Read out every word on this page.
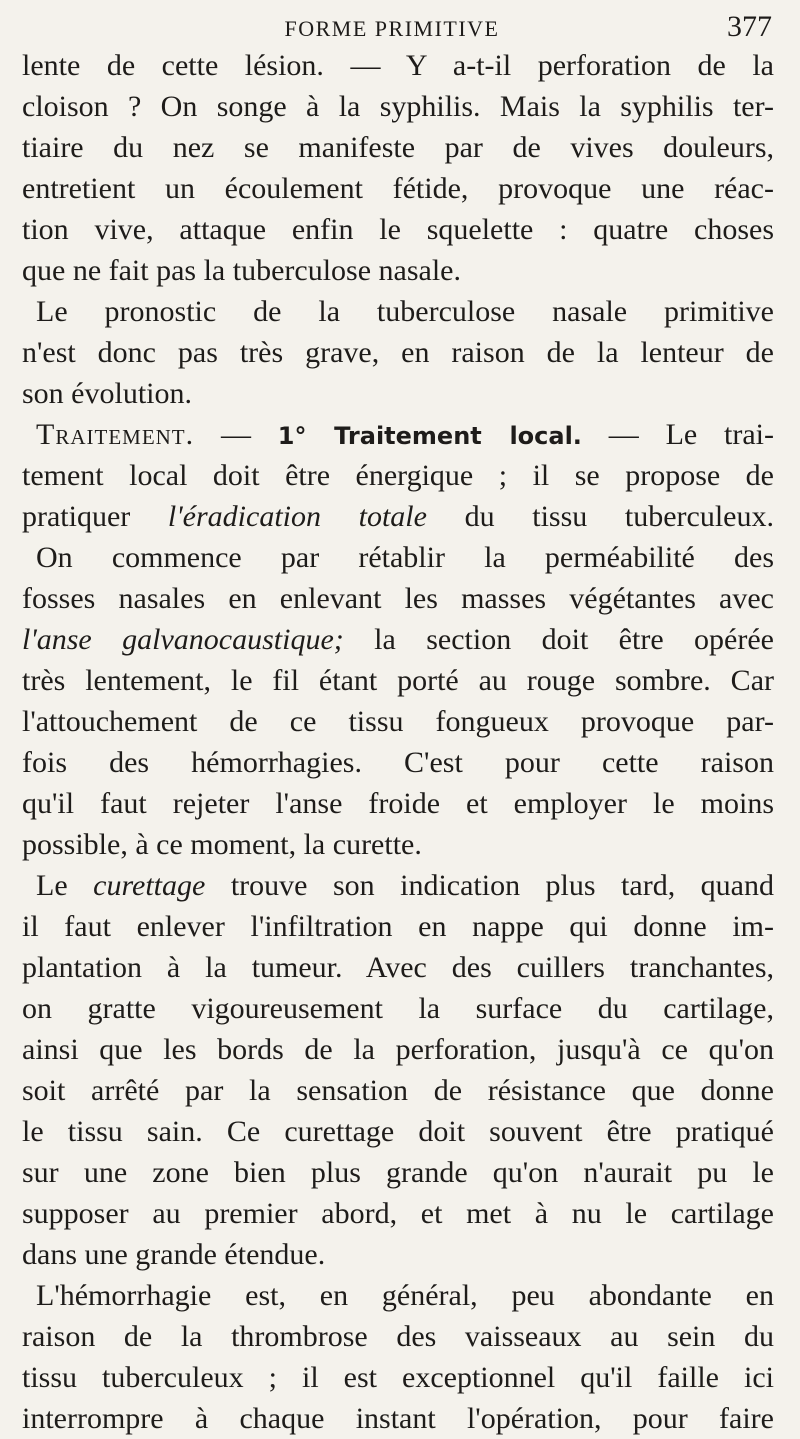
FORME PRIMITIVE	377
lente de cette lésion. — Y a-t-il perforation de la
cloison ? On songe à la syphilis. Mais la syphilis ter-
tiaire du nez se manifeste par de vives douleurs,
entretient un écoulement fétide, provoque une réac-
tion vive, attaque enfin le squelette : quatre choses
que ne fait pas la tuberculose nasale.
Le pronostic de la tuberculose nasale primitive
n'est donc pas très grave, en raison de la lenteur de
son évolution.
Traitement. — 1° Traitement local. — Le trai-
tement local doit être énergique ; il se propose de
pratiquer l'éradication totale du tissu tuberculeux.
On commence par rétablir la perméabilité des
fosses nasales en enlevant les masses végétantes avec
l'anse galvanocaustique; la section doit être opérée
très lentement, le fil étant porté au rouge sombre. Car
l'attouchement de ce tissu fongueux provoque par-
fois des hémorrhagies. C'est pour cette raison
qu'il faut rejeter l'anse froide et employer le moins
possible, à ce moment, la curette.
Le curettage trouve son indication plus tard, quand
il faut enlever l'infiltration en nappe qui donne im-
plantation à la tumeur. Avec des cuillers tranchantes,
on gratte vigoureusement la surface du cartilage,
ainsi que les bords de la perforation, jusqu'à ce qu'on
soit arrêté par la sensation de résistance que donne
le tissu sain. Ce curettage doit souvent être pratiqué
sur une zone bien plus grande qu'on n'aurait pu le
supposer au premier abord, et met à nu le cartilage
dans une grande étendue.
L'hémorrhagie est, en général, peu abondante en
raison de la thrombrose des vaisseaux au sein du
tissu tuberculeux ; il est exceptionnel qu'il faille ici
interrompre à chaque instant l'opération, pour faire
